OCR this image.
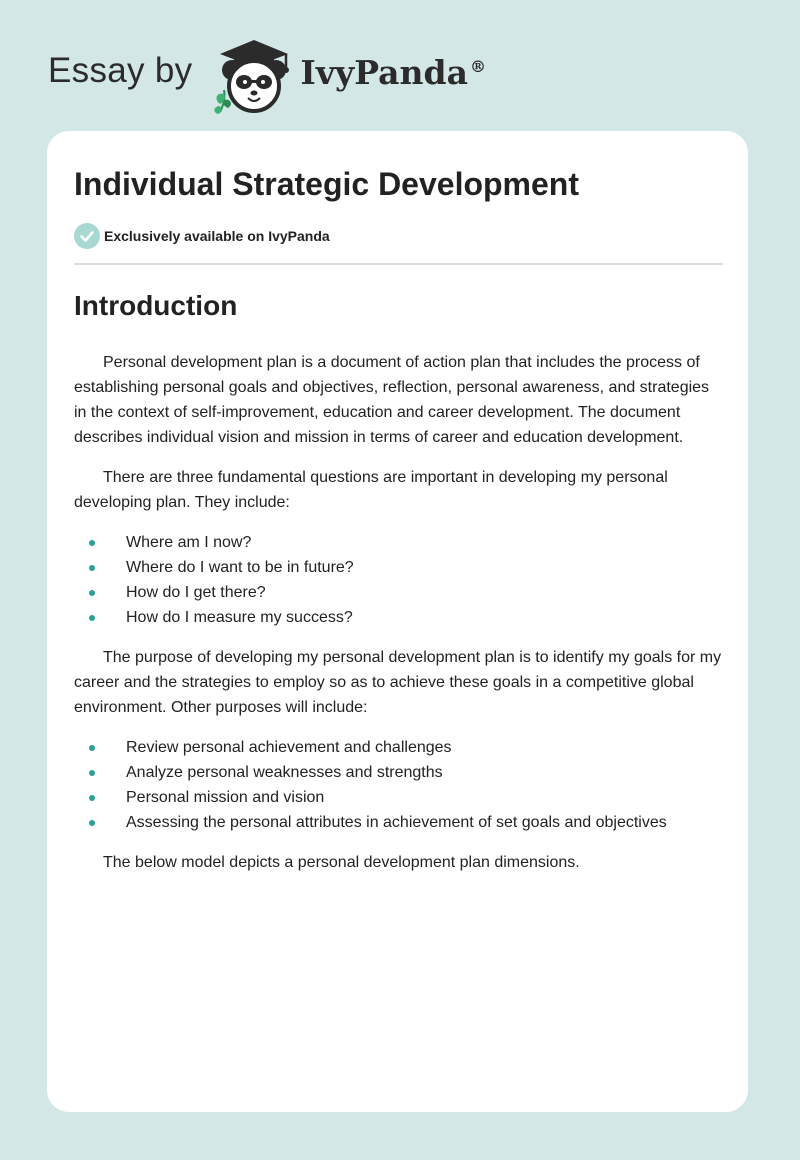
Essay by	IvyPanda ®
Individual Strategic Development
Exclusively available on IvyPanda
Introduction

Personal development plan is a document of action plan that includes the process of establishing personal goals and objectives, reflection, personal awareness, and strategies in the context of self-improvement, education and career development. The document describes individual vision and mission in terms of career and education development.

There are three fundamental questions are important in developing my personal developing plan. They include:

Where am I now?
Where do I want to be in future?
How do I get there?
How do I measure my success?

The purpose of developing my personal development plan is to identify my goals for my career and the strategies to employ so as to achieve these goals in a competitive global environment. Other purposes will include:

Review personal achievement and challenges
Analyze personal weaknesses and strengths
Personal mission and vision
Assessing the personal attributes in achievement of set goals and objectives

The below model depicts a personal development plan dimensions.
